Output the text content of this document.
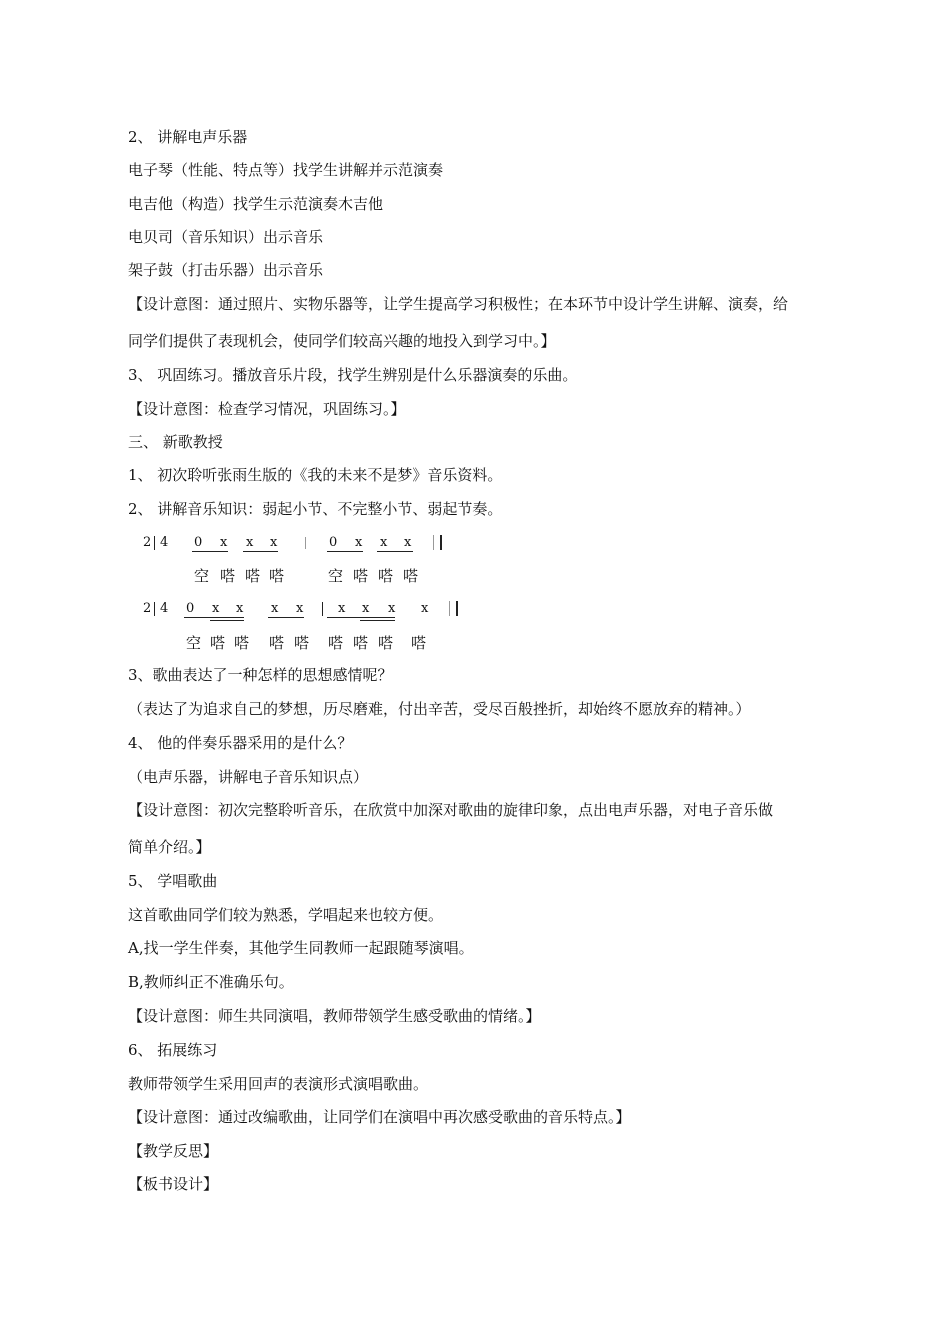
2、 讲解电声乐器
电子琴（性能、特点等）找学生讲解并示范演奏
电吉他（构造）找学生示范演奏木吉他
电贝司（音乐知识）出示音乐
架子鼓（打击乐器）出示音乐
【设计意图：通过照片、实物乐器等，让学生提高学习积极性；在本环节中设计学生讲解、演奏，给
同学们提供了表现机会，使同学们较高兴趣的地投入到学习中。】
3、 巩固练习。播放音乐片段，找学生辨别是什么乐器演奏的乐曲。
【设计意图：检查学习情况，巩固练习。】
三、 新歌教授
1、 初次聆听张雨生版的《我的未来不是梦》音乐资料。
2、 讲解音乐知识：弱起小节、不完整小节、弱起节奏。
2 4 0 x x x	0 x x x
空 嗒 嗒 嗒	空 嗒 嗒 嗒
2 4 0 x x x x	x x x x
空 嗒 嗒 嗒 嗒 嗒 嗒 嗒 嗒
3、歌曲表达了一种怎样的思想感情呢？
（表达了为追求自己的梦想，历尽磨难，付出辛苦，受尽百般挫折，却始终不愿放弃的精神。）
4、 他的伴奏乐器采用的是什么？
（电声乐器，讲解电子音乐知识点）
【设计意图：初次完整聆听音乐，在欣赏中加深对歌曲的旋律印象，点出电声乐器，对电子音乐做
简单介绍。】
5、 学唱歌曲
这首歌曲同学们较为熟悉，学唱起来也较方便。
A,找一学生伴奏，其他学生同教师一起跟随琴演唱。
B,教师纠正不准确乐句。
【设计意图：师生共同演唱，教师带领学生感受歌曲的情绪。】
6、 拓展练习
教师带领学生采用回声的表演形式演唱歌曲。
【设计意图：通过改编歌曲，让同学们在演唱中再次感受歌曲的音乐特点。】
【教学反思】
【板书设计】
